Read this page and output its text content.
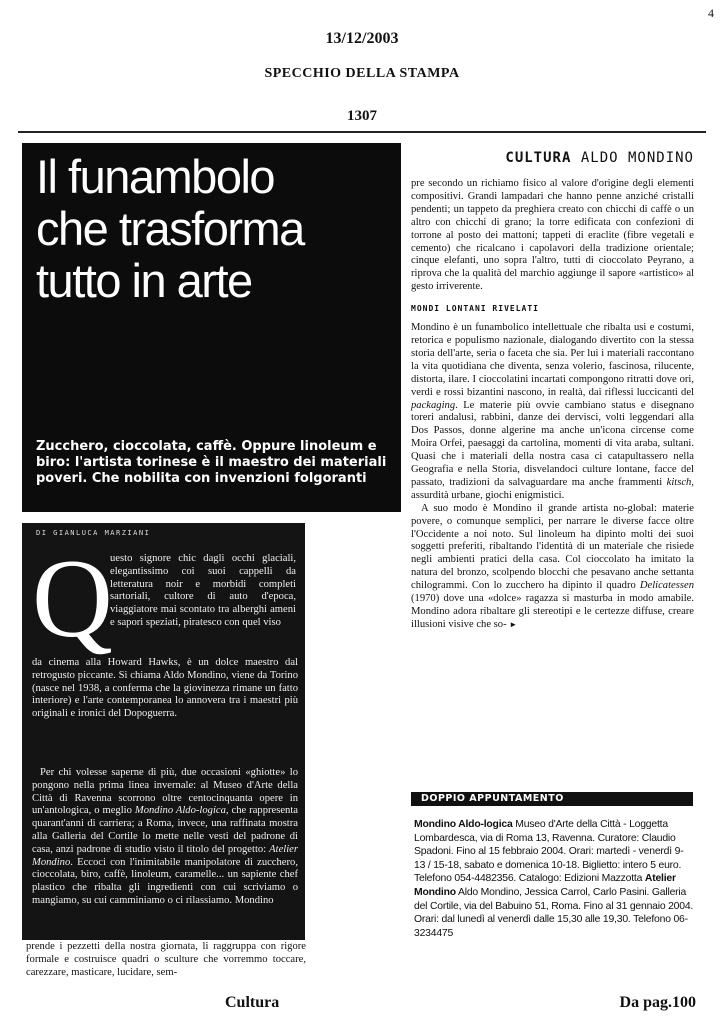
4
13/12/2003
SPECCHIO DELLA STAMPA
1307
Il funambolo
che trasforma
tutto in arte
Zucchero, cioccolata, caffè. Oppure linoleum e biro: l'artista torinese è il maestro dei materiali poveri. Che nobilita con invenzioni folgoranti
DI GIANLUCA MARZIANI
Q
uesto signore chic dagli occhi glaciali, elegantissimo coi suoi cappelli da letteratura noir e morbidi completi sartoriali, cultore di auto d'epoca, viaggiatore mai scontato tra alberghi ameni e sapori speziati, piratesco con quel viso
da cinema alla Howard Hawks, è un dolce maestro dal retrogusto piccante. Si chiama Aldo Mondino, viene da Torino (nasce nel 1938, a conferma che la giovinezza rimane un fatto interiore) e l'arte contemporanea lo annovera tra i maestri più originali e ironici del Dopoguerra.
Per chi volesse saperne di più, due occasioni «ghiotte» lo pongono nella prima linea invernale: al Museo d'Arte della Città di Ravenna scorrono oltre centocinquanta opere in un'antologica, o meglio Mondino Aldo-logica, che rappresenta quarant'anni di carriera; a Roma, invece, una raffinata mostra alla Galleria del Cortile lo mette nelle vesti del padrone di casa, anzi padrone di studio visto il titolo del progetto: Atelier Mondino. Eccoci con l'inimitabile manipolatore di zucchero, cioccolata, biro, caffè, linoleum, caramelle... un sapiente chef plastico che ribalta gli ingredienti con cui scriviamo o mangiamo, su cui camminiamo o ci rilassiamo. Mondino
prende i pezzetti della nostra giornata, li raggruppa con rigore formale e costruisce quadri o sculture che vorremmo toccare, carezzare, masticare, lucidare, sem-
CULTURA ALDO MONDINO

pre secondo un richiamo fisico al valore d'origine degli elementi compositivi. Grandi lampadari che hanno penne anziché cristalli pendenti; un tappeto da preghiera creato con chicchi di caffè o un altro con chicchi di grano; la torre edificata con confezioni di torrone al posto dei mattoni; tappeti di eraclite (fibre vegetali e cemento) che ricalcano i capolavori della tradizione orientale; cinque elefanti, uno sopra l'altro, tutti di cioccolato Peyrano, a riprova che la qualità del marchio aggiunge il sapore «artistico» al gesto irriverente.

MONDI LONTANI RIVELATI

Mondino è un funambolico intellettuale che ribalta usi e costumi, retorica e populismo nazionale, dialogando divertito con la stessa storia dell'arte, seria o faceta che sia. Per lui i materiali raccontano la vita quotidiana che diventa, senza volerio, fascinosa, rilucente, distorta, ilare. I cioccolatini incartati compongono ritratti dove ori, verdi e rossi bizantini nascono, in realtà, dai riflessi luccicanti del packaging. Le materie più ovvie cambiano status e disegnano toreri andalusi, rabbini, danze dei dervisci, volti leggendari alla Dos Passos, donne algerine ma anche un'icona circense come Moira Orfei, paesaggi da cartolina, momenti di vita araba, sultani. Quasi che i materiali della nostra casa ci catapultassero nella Geografia e nella Storia, disvelandoci culture lontane, facce del passato, tradizioni da salvaguardare ma anche frammenti kitsch, assurdità urbane, giochi enigmistici.

A suo modo è Mondino il grande artista no-global: materie povere, o comunque semplici, per narrare le diverse facce oltre l'Occidente a noi noto. Sul linoleum ha dipinto molti dei suoi soggetti preferiti, ribaltando l'identità di un materiale che risiede negli ambienti pratici della casa. Col cioccolato ha imitato la natura del bronzo, scolpendo blocchi che pesavano anche settanta chilogrammi. Con lo zucchero ha dipinto il quadro Delicatessen (1970) dove una «dolce» ragazza si masturba in modo amabile. Mondino adora ribaltare gli stereotipi e le certezze diffuse, creare illusioni visive che so- ►

DOPPIO APPUNTAMENTO
Mondino Aldo-logica Museo d'Arte della Città - Loggetta Lombardesca, via di Roma 13, Ravenna. Curatore: Claudio Spadoni. Fino al 15 febbraio 2004. Orari: martedì - venerdì 9-13 / 15-18, sabato e domenica 10-18. Biglietto: intero 5 euro. Telefono 054-4482356. Catalogo: Edizioni Mazzotta Atelier Mondino Aldo Mondino, Jessica Carrol, Carlo Pasini. Galleria del Cortile, via del Babuino 51, Roma. Fino al 31 gennaio 2004. Orari: dal lunedì al venerdì dalle 15,30 alle 19,30. Telefono 06-3234475
Cultura	Da pag.100
